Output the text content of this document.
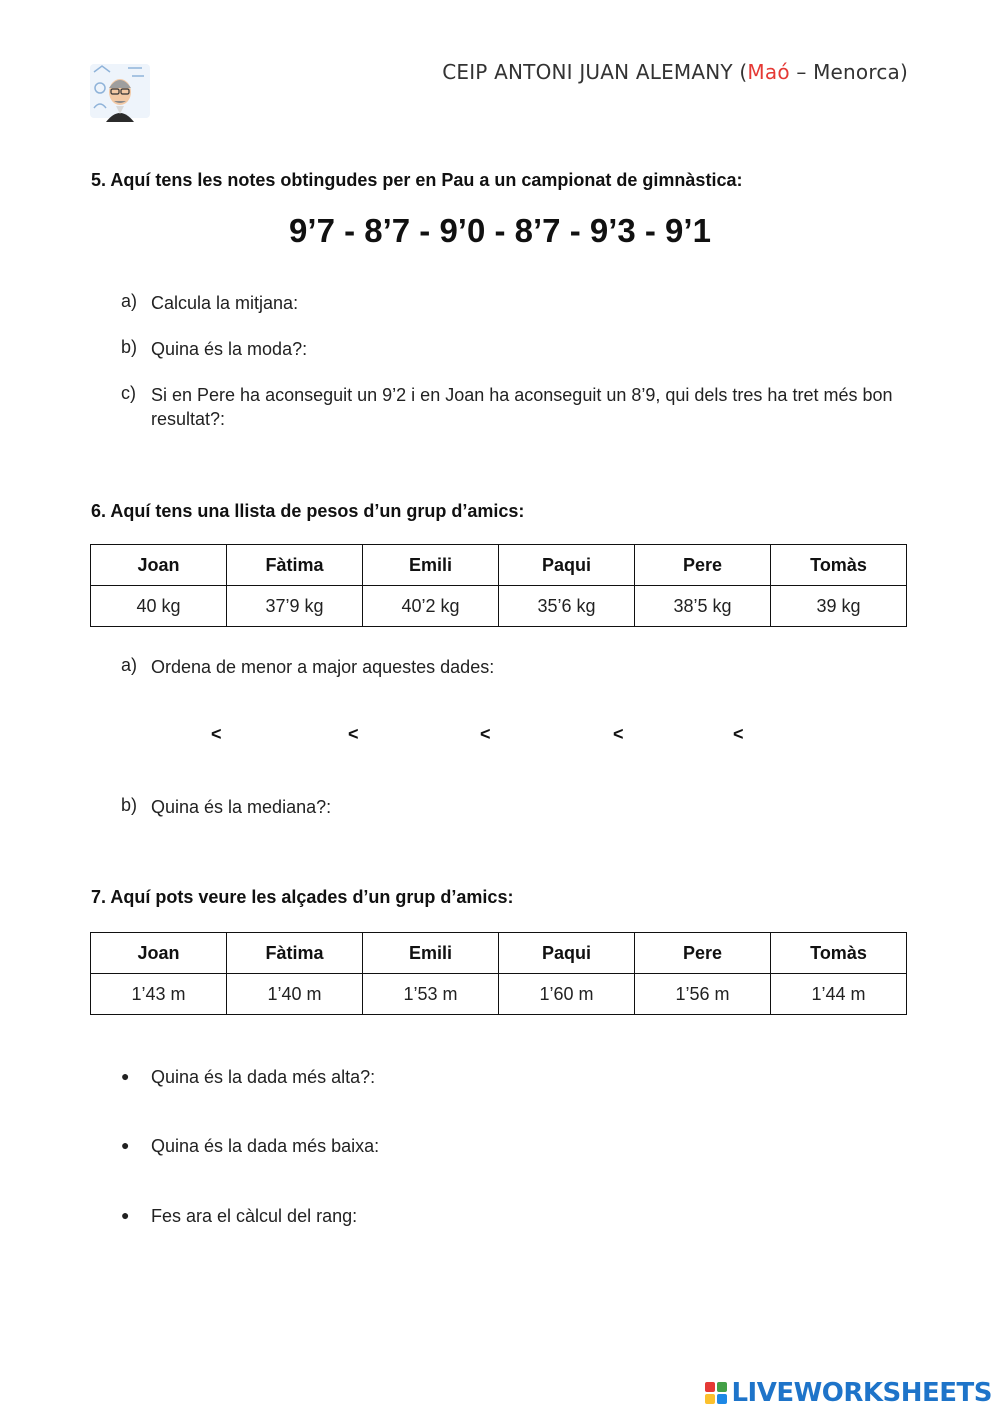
CEIP ANTONI JUAN ALEMANY (Maó – Menorca)
5. Aquí tens les notes obtingudes per en Pau a un campionat de gimnàstica:
9’7 - 8’7 - 9’0 - 8’7 - 9’3 - 9’1
a) Calcula la mitjana:
b) Quina és la moda?:
c) Si en Pere ha aconseguit un 9’2 i en Joan ha aconseguit un 8’9, qui dels tres ha tret més bon resultat?:
6. Aquí tens una llista de pesos d’un grup d’amics:
Joan	Fàtima	Emili	Paqui	Pere	Tomàs
40 kg	37’9 kg	40’2 kg	35’6 kg	38’5 kg	39 kg
a) Ordena de menor a major aquestes dades:
<	<	<	<	<
b) Quina és la mediana?:
7. Aquí pots veure les alçades d’un grup d’amics:
Joan	Fàtima	Emili	Paqui	Pere	Tomàs
1’43 m	1’40 m	1’53 m	1’60 m	1’56 m	1’44 m
● Quina és la dada més alta?:
● Quina és la dada més baixa:
● Fes ara el càlcul del rang:
LIVEWORKSHEETS
